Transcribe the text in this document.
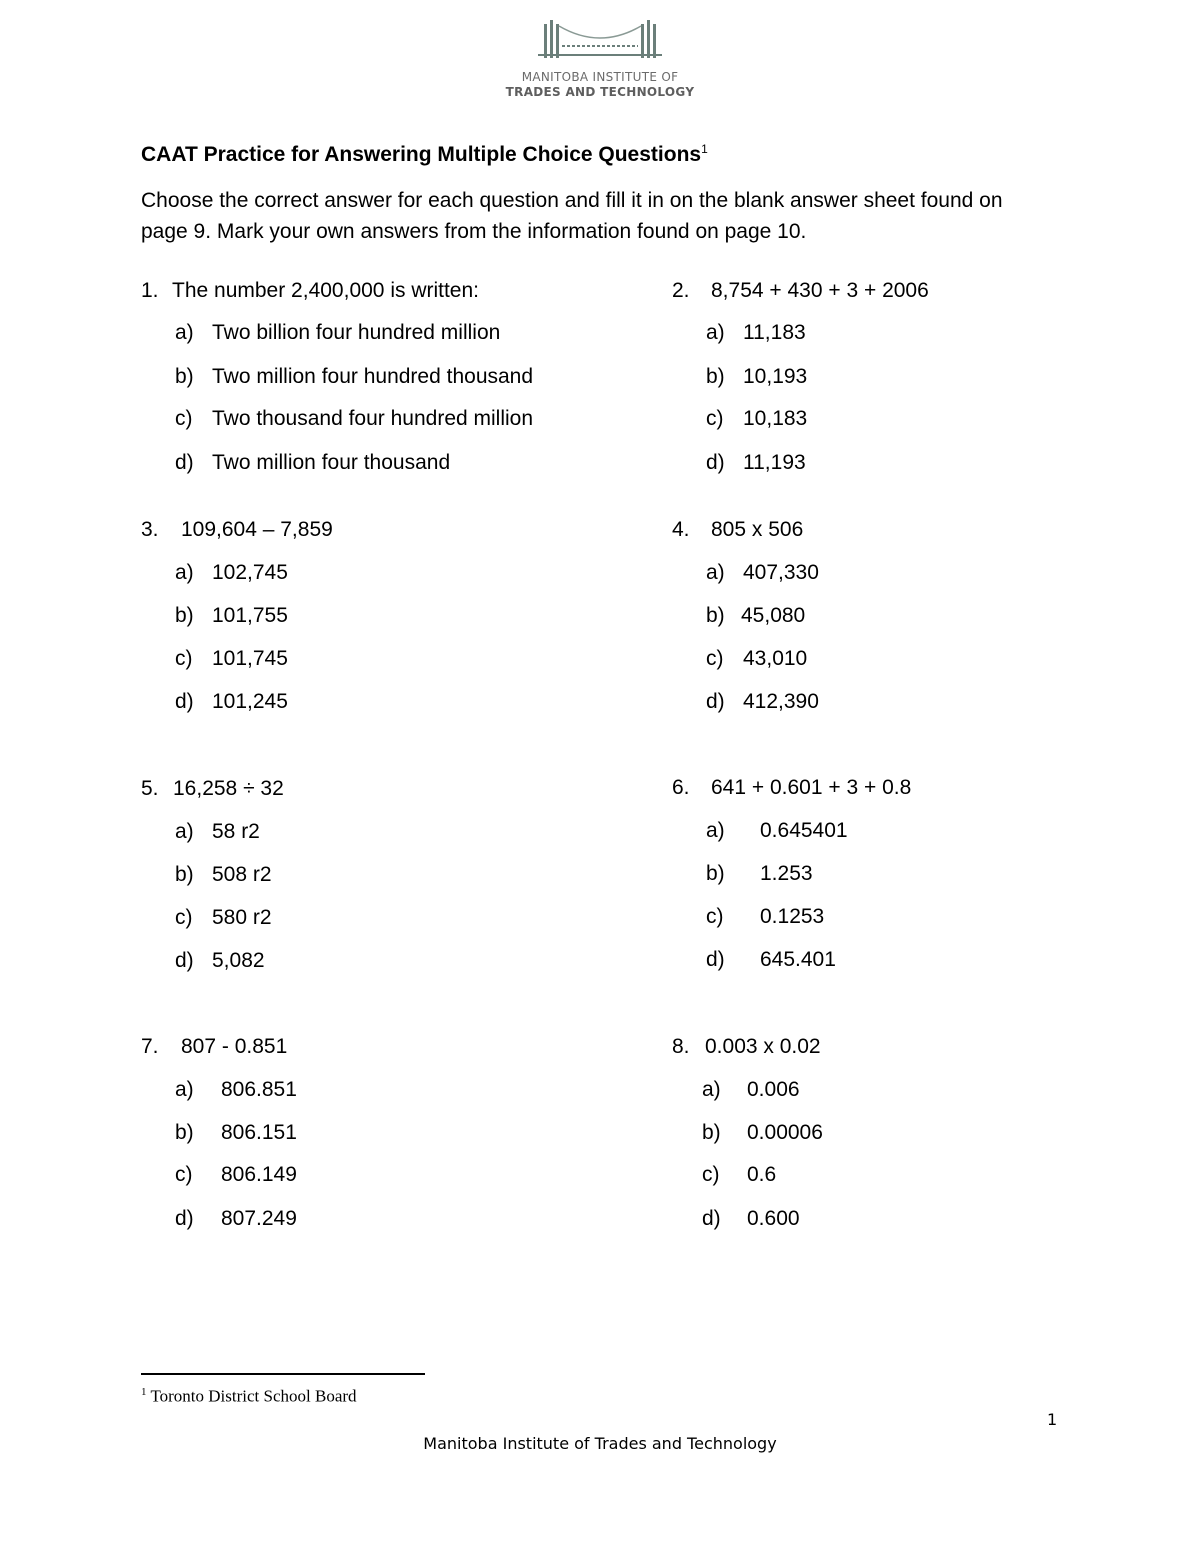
MANITOBA INSTITUTE OF
TRADES AND TECHNOLOGY
CAAT Practice for Answering Multiple Choice Questions$^1$
Choose the correct answer for each question and fill it in on the blank answer sheet found on page 9. Mark your own answers from the information found on page 10.
1. The number 2,400,000 is written:
a) Two billion four hundred million
b) Two million four hundred thousand
c) Two thousand four hundred million
d) Two million four thousand
2. 8,754 + 430 + 3 + 2006
a) 11,183
b) 10,193
c) 10,183
d) 11,193
3. 109,604 – 7,859
a) 102,745
b) 101,755
c) 101,745
d) 101,245
4. 805 x 506
a) 407,330
b) 45,080
c) 43,010
d) 412,390
5. 16,258 ÷ 32
a) 58 r2
b) 508 r2
c) 580 r2
d) 5,082
6. 641 + 0.601 + 3 + 0.8
a) 0.645401
b) 1.253
c) 0.1253
d) 645.401
7. 807 - 0.851
a) 806.851
b) 806.151
c) 806.149
d) 807.249
8. 0.003 x 0.02
a) 0.006
b) 0.00006
c) 0.6
d) 0.600
$^1$ Toronto District School Board
1
Manitoba Institute of Trades and Technology
